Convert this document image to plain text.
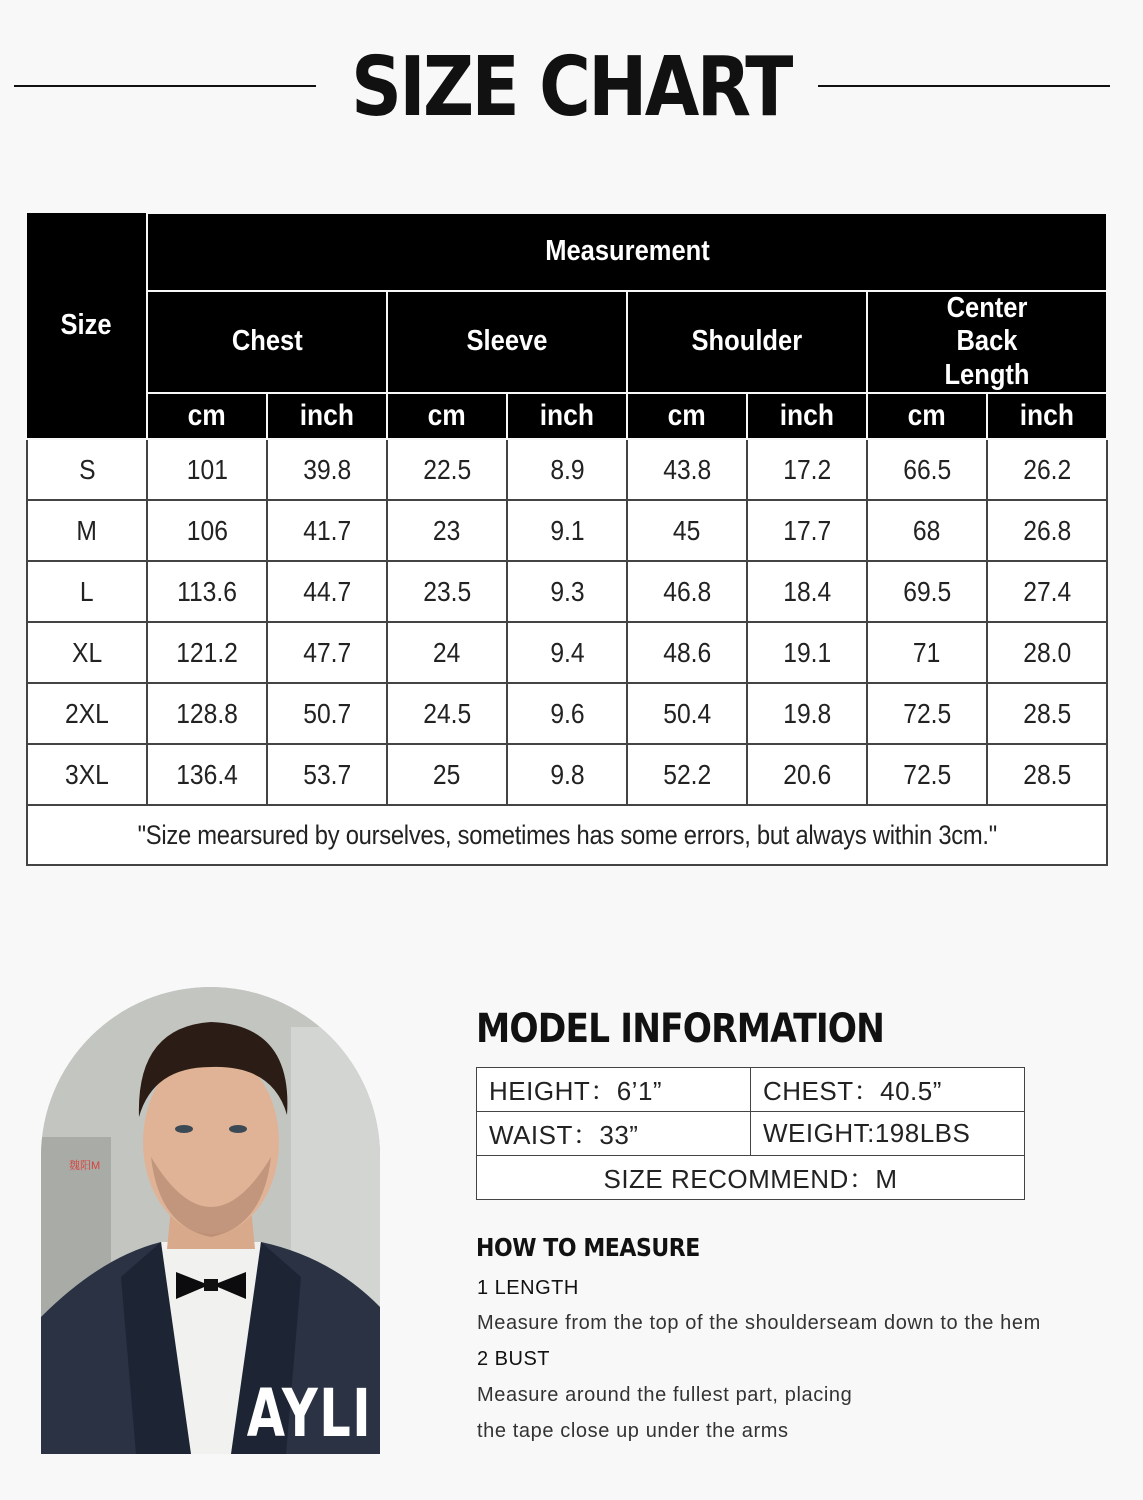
SIZE CHART
Size	Measurement							
	Chest		Sleeve		Shoulder		Center Back Length	
	cm	inch	cm	inch	cm	inch	cm	inch
S	101	39.8	22.5	8.9	43.8	17.2	66.5	26.2
M	106	41.7	23	9.1	45	17.7	68	26.8
L	113.6	44.7	23.5	9.3	46.8	18.4	69.5	27.4
XL	121.2	47.7	24	9.4	48.6	19.1	71	28.0
2XL	128.8	50.7	24.5	9.6	50.4	19.8	72.5	28.5
3XL	136.4	53.7	25	9.8	52.2	20.6	72.5	28.5
"Size mearsured by ourselves, sometimes has some errors, but always within 3cm."								
魏阳M
AYLI
MODEL INFORMATION
HEIGHT：6’1”	CHEST：40.5”
WAIST：33”	WEIGHT:198LBS
SIZE RECOMMEND：M	
HOW TO MEASURE
1 LENGTH
Measure from the top of the shoulderseam down to the hem
2 BUST
Measure around the fullest part, placing
the tape close up under the arms
